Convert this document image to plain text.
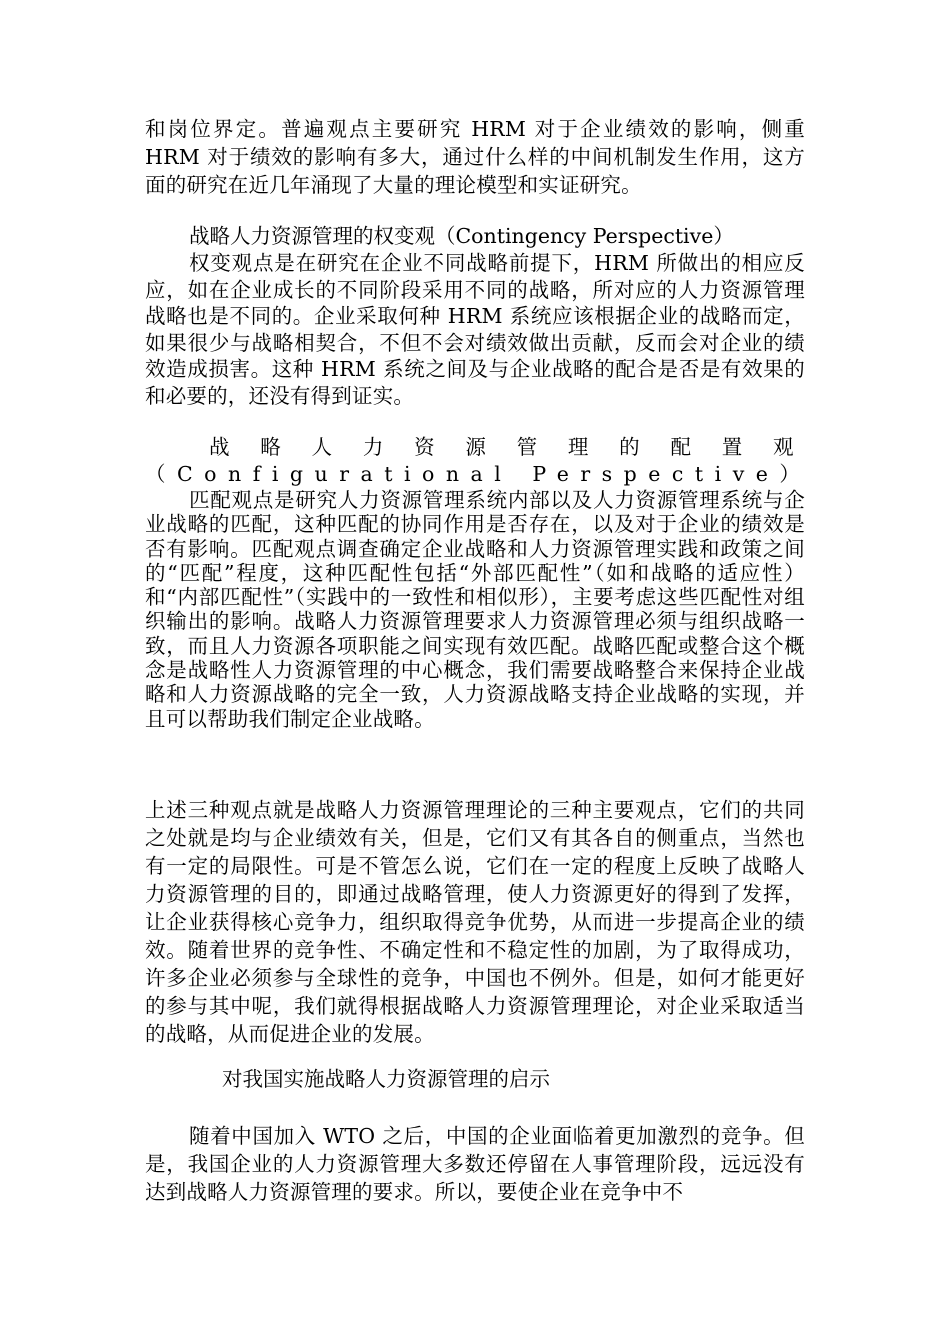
和岗位界定。普遍观点主要研究 HRM 对于企业绩效的影响，侧重 HRM 对于绩效的影响有多大，通过什么样的中间机制发生作用，这方面的研究在近几年涌现了大量的理论模型和实证研究。

战略人力资源管理的权变观（Contingency Perspective）

权变观点是在研究在企业不同战略前提下，HRM 所做出的相应反应，如在企业成长的不同阶段采用不同的战略，所对应的人力资源管理战略也是不同的。企业采取何种 HRM 系统应该根据企业的战略而定，如果很少与战略相契合，不但不会对绩效做出贡献，反而会对企业的绩效造成损害。这种 HRM 系统之间及与企业战略的配合是否是有效果的和必要的，还没有得到证实。

战略人力资源管理的配置观（Configurational Perspective）

匹配观点是研究人力资源管理系统内部以及人力资源管理系统与企业战略的匹配，这种匹配的协同作用是否存在，以及对于企业的绩效是否有影响。匹配观点调查确定企业战略和人力资源管理实践和政策之间的“匹配”程度，这种匹配性包括“外部匹配性”（如和战略的适应性）和“内部匹配性”（实践中的一致性和相似形），主要考虑这些匹配性对组织输出的影响。战略人力资源管理要求人力资源管理必须与组织战略一致，而且人力资源各项职能之间实现有效匹配。战略匹配或整合这个概念是战略性人力资源管理的中心概念，我们需要战略整合来保持企业战略和人力资源战略的完全一致，人力资源战略支持企业战略的实现，并且可以帮助我们制定企业战略。

上述三种观点就是战略人力资源管理理论的三种主要观点，它们的共同之处就是均与企业绩效有关，但是，它们又有其各自的侧重点，当然也有一定的局限性。可是不管怎么说，它们在一定的程度上反映了战略人力资源管理的目的，即通过战略管理，使人力资源更好的得到了发挥，让企业获得核心竞争力，组织取得竞争优势，从而进一步提高企业的绩效。随着世界的竞争性、不确定性和不稳定性的加剧，为了取得成功，许多企业必须参与全球性的竞争，中国也不例外。但是，如何才能更好的参与其中呢，我们就得根据战略人力资源管理理论，对企业采取适当的战略，从而促进企业的发展。

对我国实施战略人力资源管理的启示

随着中国加入 WTO 之后，中国的企业面临着更加激烈的竞争。但是，我国企业的人力资源管理大多数还停留在人事管理阶段，远远没有达到战略人力资源管理的要求。所以，要使企业在竞争中不
